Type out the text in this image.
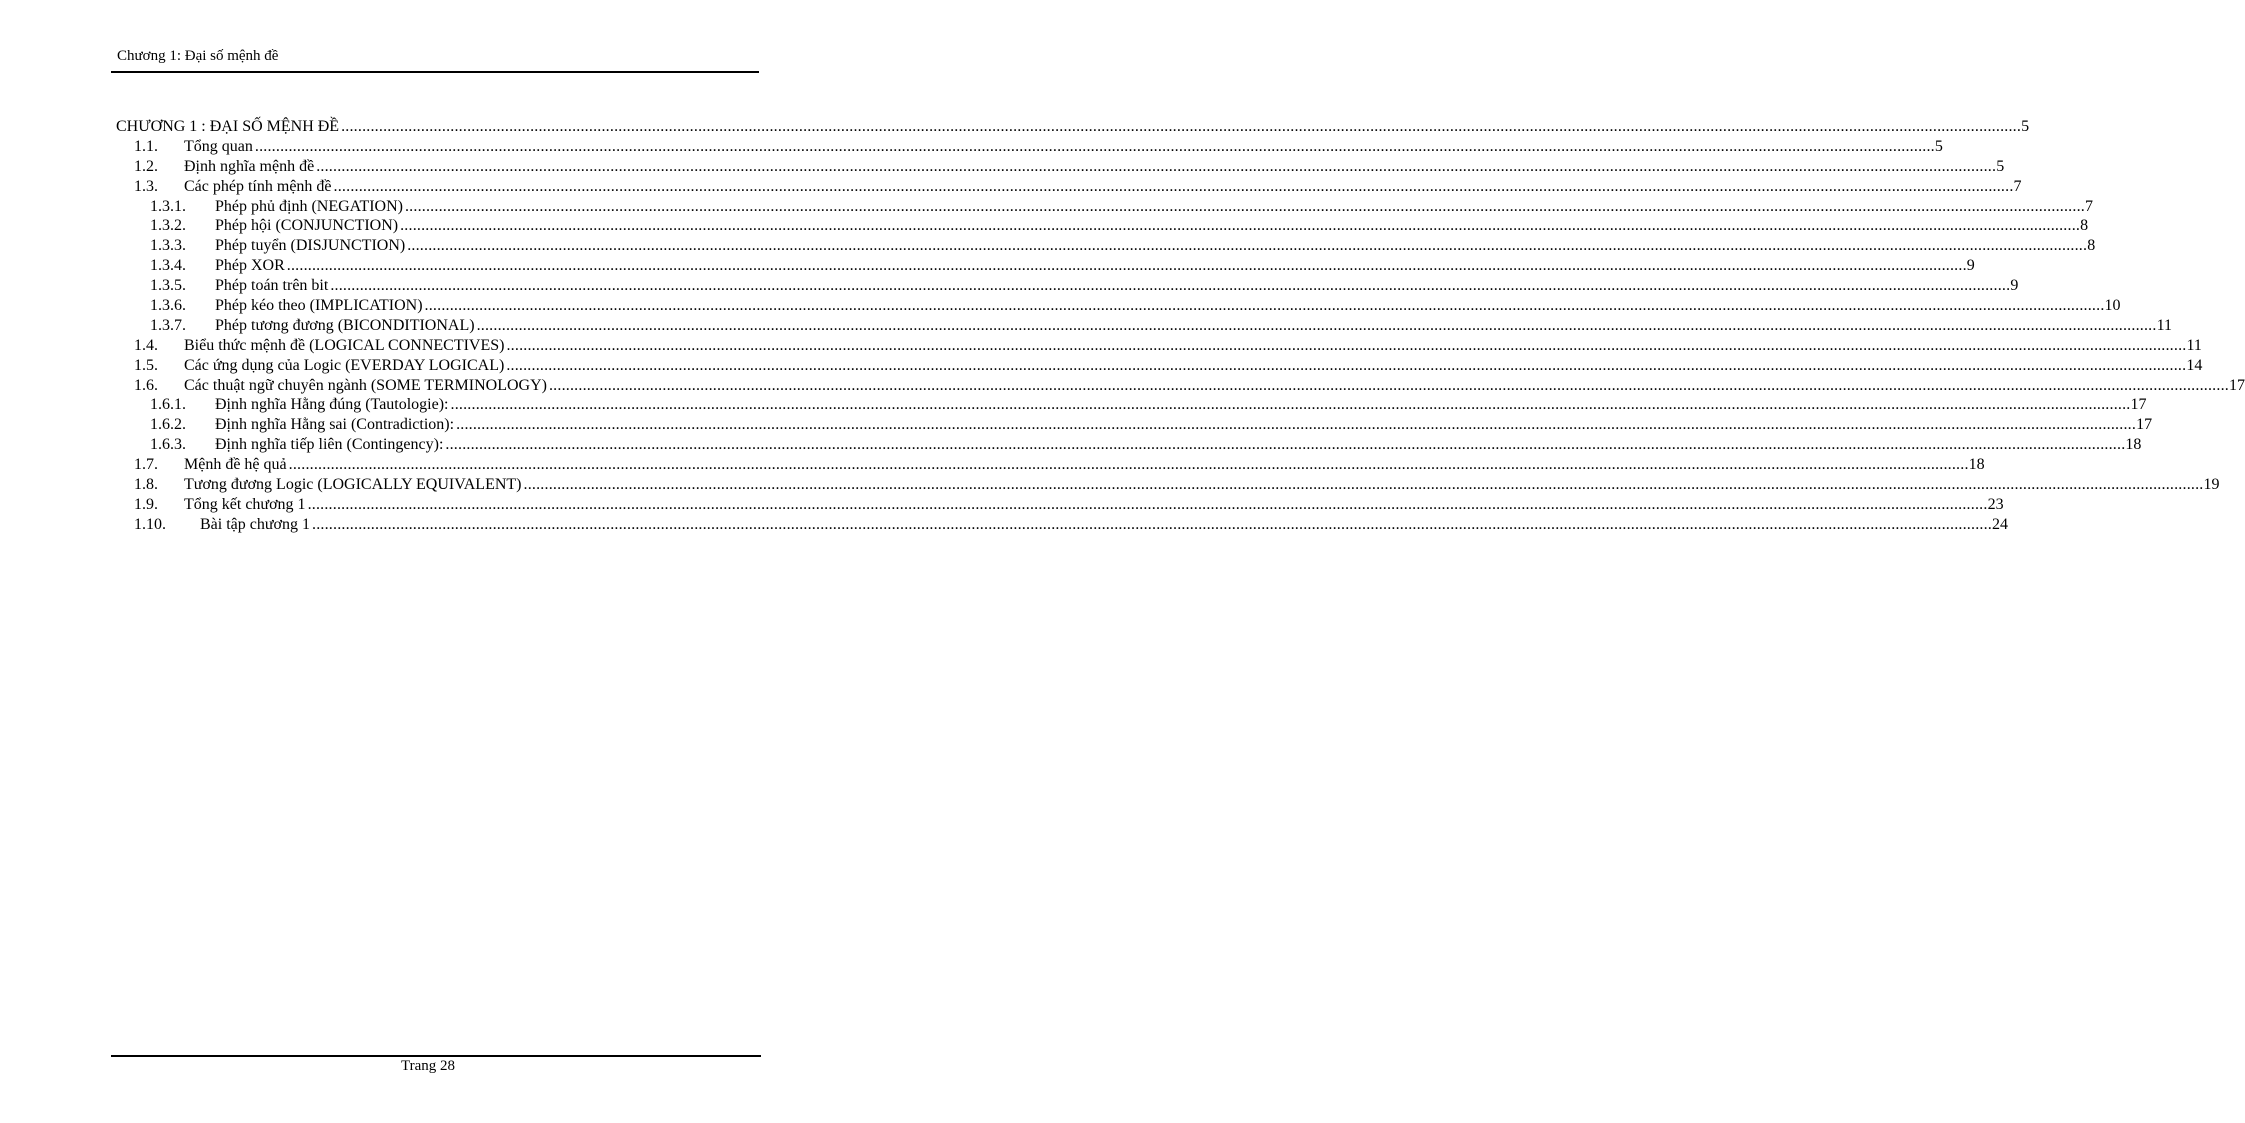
Chương 1: Đại số mệnh đề
CHƯƠNG 1 : ĐẠI SỐ MỆNH ĐỀ ................................................................................................................................................................................................................................................................................................................................................................................................................ 5
1.1. Tổng quan ................................................................................................................................................................................................................................................................................................................................................................................................................ 5
1.2. Định nghĩa mệnh đề ................................................................................................................................................................................................................................................................................................................................................................................................................ 5
1.3. Các phép tính mệnh đề ................................................................................................................................................................................................................................................................................................................................................................................................................ 7
1.3.1. Phép phủ định (NEGATION) ................................................................................................................................................................................................................................................................................................................................................................................................................ 7
1.3.2. Phép hội (CONJUNCTION) ................................................................................................................................................................................................................................................................................................................................................................................................................ 8
1.3.3. Phép tuyển (DISJUNCTION) ................................................................................................................................................................................................................................................................................................................................................................................................................ 8
1.3.4. Phép XOR ................................................................................................................................................................................................................................................................................................................................................................................................................ 9
1.3.5. Phép toán trên bit ................................................................................................................................................................................................................................................................................................................................................................................................................ 9
1.3.6. Phép kéo theo (IMPLICATION) ................................................................................................................................................................................................................................................................................................................................................................................................................ 10
1.3.7. Phép tương đương (BICONDITIONAL) ................................................................................................................................................................................................................................................................................................................................................................................................................ 11
1.4. Biểu thức mệnh đề (LOGICAL CONNECTIVES) ................................................................................................................................................................................................................................................................................................................................................................................................................ 11
1.5. Các ứng dụng của Logic (EVERDAY LOGICAL) ................................................................................................................................................................................................................................................................................................................................................................................................................ 14
1.6. Các thuật ngữ chuyên ngành (SOME TERMINOLOGY) ................................................................................................................................................................................................................................................................................................................................................................................................................ 17
1.6.1. Định nghĩa Hằng đúng (Tautologie): ................................................................................................................................................................................................................................................................................................................................................................................................................ 17
1.6.2. Định nghĩa Hằng sai (Contradiction): ................................................................................................................................................................................................................................................................................................................................................................................................................ 17
1.6.3. Định nghĩa tiếp liên (Contingency): ................................................................................................................................................................................................................................................................................................................................................................................................................ 18
1.7. Mệnh đề hệ quả ................................................................................................................................................................................................................................................................................................................................................................................................................ 18
1.8. Tương đương Logic (LOGICALLY EQUIVALENT) ................................................................................................................................................................................................................................................................................................................................................................................................................ 19
1.9. Tổng kết chương 1 ................................................................................................................................................................................................................................................................................................................................................................................................................ 23
1.10. Bài tập chương 1 ................................................................................................................................................................................................................................................................................................................................................................................................................ 24
Trang 28
